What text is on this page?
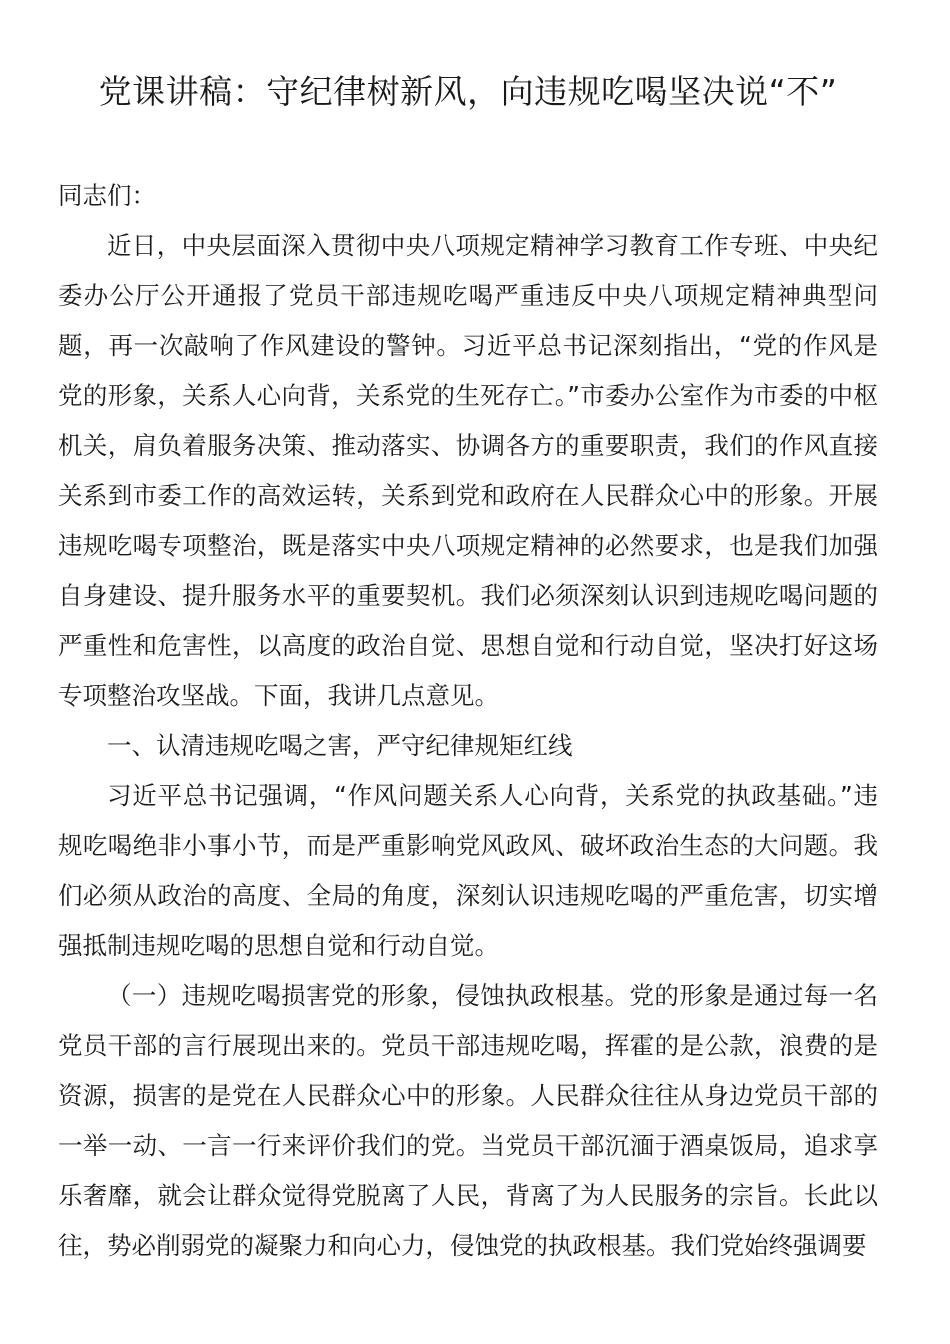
党课讲稿：守纪律树新风，向违规吃喝坚决说“不”

同志们：

近日，中央层面深入贯彻中央八项规定精神学习教育工作专班、中央纪委办公厅公开通报了党员干部违规吃喝严重违反中央八项规定精神典型问题，再一次敲响了作风建设的警钟。习近平总书记深刻指出，“党的作风是党的形象，关系人心向背，关系党的生死存亡。”市委办公室作为市委的中枢机关，肩负着服务决策、推动落实、协调各方的重要职责，我们的作风直接关系到市委工作的高效运转，关系到党和政府在人民群众心中的形象。开展违规吃喝专项整治，既是落实中央八项规定精神的必然要求，也是我们加强自身建设、提升服务水平的重要契机。我们必须深刻认识到违规吃喝问题的严重性和危害性，以高度的政治自觉、思想自觉和行动自觉，坚决打好这场专项整治攻坚战。下面，我讲几点意见。

一、认清违规吃喝之害，严守纪律规矩红线

习近平总书记强调，“作风问题关系人心向背，关系党的执政基础。”违规吃喝绝非小事小节，而是严重影响党风政风、破坏政治生态的大问题。我们必须从政治的高度、全局的角度，深刻认识违规吃喝的严重危害，切实增强抵制违规吃喝的思想自觉和行动自觉。

（一）违规吃喝损害党的形象，侵蚀执政根基。党的形象是通过每一名党员干部的言行展现出来的。党员干部违规吃喝，挥霍的是公款，浪费的是资源，损害的是党在人民群众心中的形象。人民群众往往从身边党员干部的一举一动、一言一行来评价我们的党。当党员干部沉湎于酒桌饭局，追求享乐奢靡，就会让群众觉得党脱离了人民，背离了为人民服务的宗旨。长此以往，势必削弱党的凝聚力和向心力，侵蚀党的执政根基。我们党始终强调要
